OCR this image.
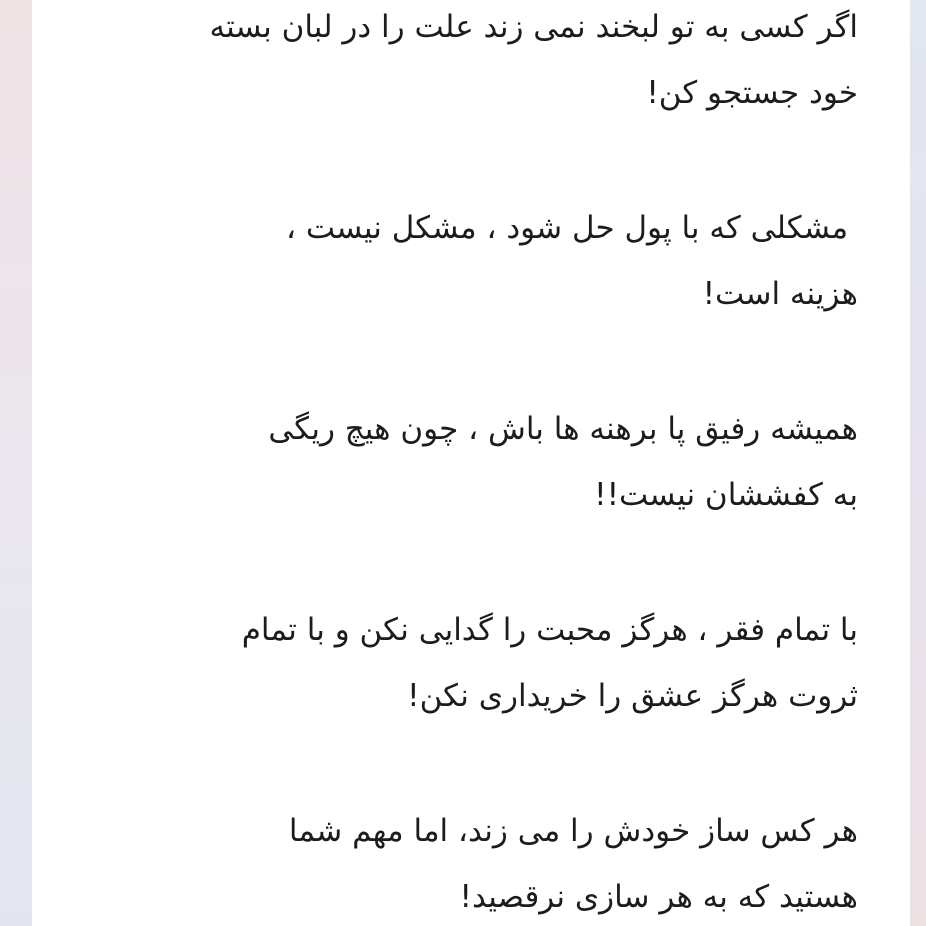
اگر کسی به تو لبخند نمی زند علت را در لبان بسته
خود جستجو کن!

مشکلی که با پول حل شود ، مشکل نیست ،
هزینه است!

همیشه رفیق پا برهنه ها باش ، چون هیچ ریگی
به کفششان نیست!!

با تمام فقر ، هرگز محبت را گدایی نکن و با تمام
ثروت هرگز عشق را خریداری نکن!

هر کس ساز خودش را می زند، اما مهم شما
هستید که به هر سازی نرقصید!
